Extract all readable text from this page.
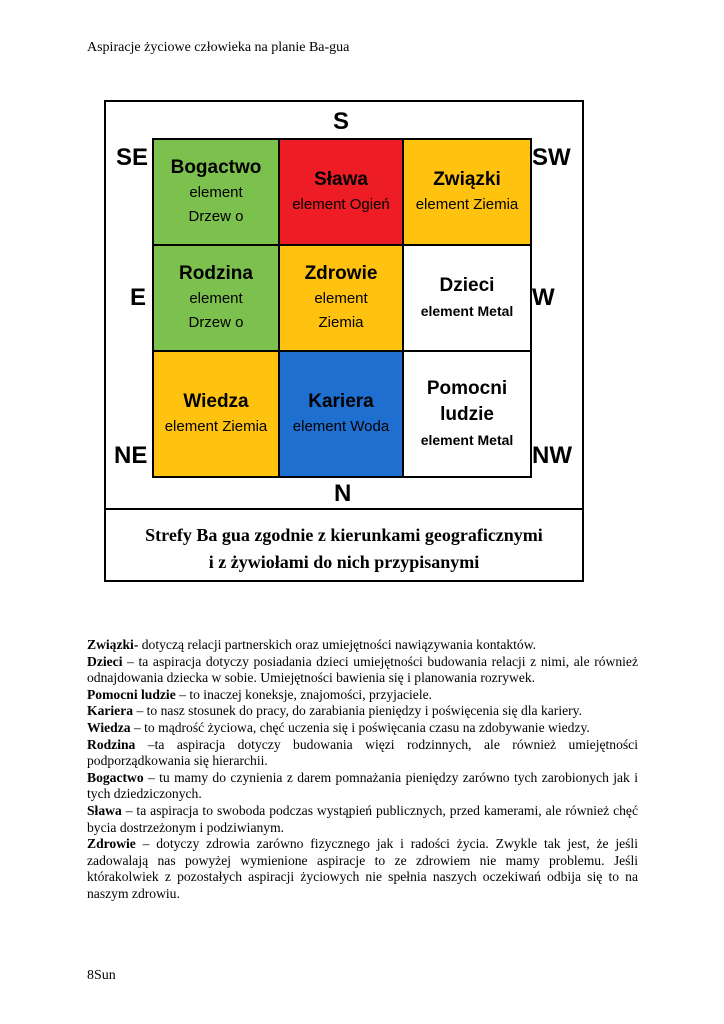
Aspiracje życiowe człowieka na planie Ba-gua
S
SE	SW
E	W
NE	NW
N
Bogactwo
element
Drzew o
Sława
element Ogień
Związki
element Ziemia
Rodzina
element
Drzew o
Zdrowie
element
Ziemia
Dzieci
element Metal
Wiedza
element Ziemia
Kariera
element Woda
Pomocni ludzie
element Metal
Strefy Ba gua zgodnie z kierunkami geograficznymi
i z żywiołami do nich przypisanymi

Związki- dotyczą relacji partnerskich oraz umiejętności nawiązywania kontaktów.

Dzieci – ta aspiracja dotyczy posiadania dzieci umiejętności budowania relacji z nimi, ale również odnajdowania dziecka w sobie. Umiejętności bawienia się i planowania rozrywek.

Pomocni ludzie – to inaczej koneksje, znajomości, przyjaciele.

Kariera – to nasz stosunek do pracy, do zarabiania pieniędzy i poświęcenia się dla kariery.

Wiedza – to mądrość życiowa, chęć uczenia się i poświęcania czasu na zdobywanie wiedzy.

Rodzina –ta aspiracja dotyczy budowania więzi rodzinnych, ale również umiejętności podporządkowania się hierarchii.

Bogactwo – tu mamy do czynienia z darem pomnażania pieniędzy zarówno tych zarobionych jak i tych dziedziczonych.

Sława – ta aspiracja to swoboda podczas wystąpień publicznych, przed kamerami, ale również chęć bycia dostrzeżonym i podziwianym.

Zdrowie – dotyczy zdrowia zarówno fizycznego jak i radości życia. Zwykle tak jest, że jeśli zadowalają nas powyżej wymienione aspiracje to ze zdrowiem nie mamy problemu. Jeśli którakolwiek z pozostałych aspiracji życiowych nie spełnia naszych oczekiwań odbija się to na naszym zdrowiu.

8Sun
